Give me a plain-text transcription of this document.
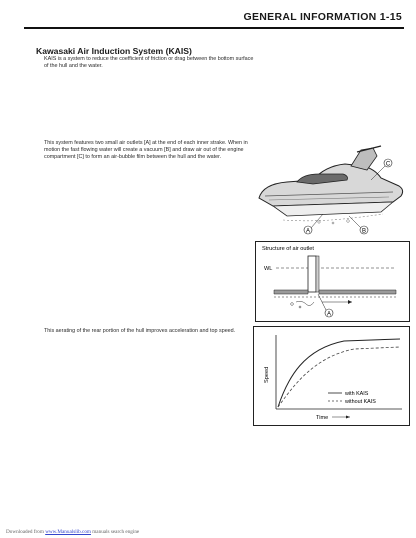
GENERAL INFORMATION 1-15
Kawasaki Air Induction System (KAIS)
KAIS is a system to reduce the coefficient of friction or drag between the bottom surface of the hull and the water.
This system features two small air outlets [A] at the end of each inner strake. When in motion the fast flowing water will create a vacuum [B] and draw air out of the engine compartment [C] to form an air-bubble film between the hull and the water.
This aerating of the rear portion of the hull improves acceleration and top speed.
C
A	B
Structure of air outlet
WL
A
Speed
Time
with KAIS
without KAIS
Downloaded from www.Manualslib.com manuals search engine
